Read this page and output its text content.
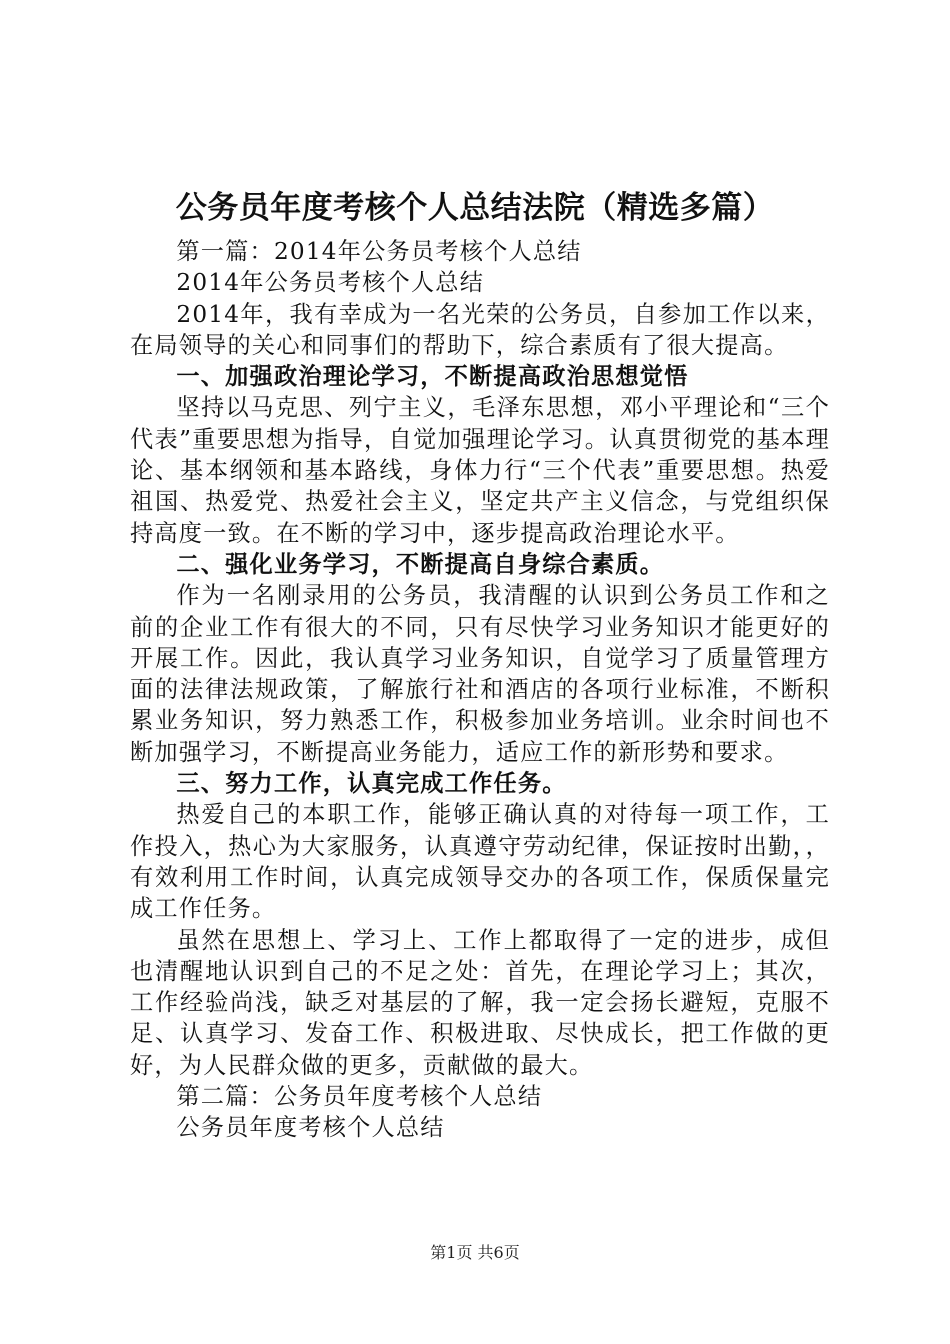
公务员年度考核个人总结法院（精选多篇）

第一篇：2014年公务员考核个人总结

2014年公务员考核个人总结

2014年，我有幸成为一名光荣的公务员，自参加工作以来，在局领导的关心和同事们的帮助下，综合素质有了很大提高。

一、加强政治理论学习，不断提高政治思想觉悟

坚持以马克思、列宁主义，毛泽东思想，邓小平理论和“三个代表”重要思想为指导，自觉加强理论学习。认真贯彻党的基本理论、基本纲领和基本路线，身体力行“三个代表”重要思想。热爱祖国、热爱党、热爱社会主义，坚定共产主义信念，与党组织保持高度一致。在不断的学习中，逐步提高政治理论水平。

二、强化业务学习，不断提高自身综合素质。

作为一名刚录用的公务员，我清醒的认识到公务员工作和之前的企业工作有很大的不同，只有尽快学习业务知识才能更好的开展工作。因此，我认真学习业务知识，自觉学习了质量管理方面的法律法规政策，了解旅行社和酒店的各项行业标准，不断积累业务知识，努力熟悉工作，积极参加业务培训。业余时间也不断加强学习，不断提高业务能力，适应工作的新形势和要求。

三、努力工作，认真完成工作任务。

热爱自己的本职工作，能够正确认真的对待每一项工作，工作投入，热心为大家服务，认真遵守劳动纪律，保证按时出勤，，有效利用工作时间，认真完成领导交办的各项工作，保质保量完成工作任务。

虽然在思想上、学习上、工作上都取得了一定的进步，成但也清醒地认识到自己的不足之处：首先，在理论学习上；其次，工作经验尚浅，缺乏对基层的了解，我一定会扬长避短，克服不足、认真学习、发奋工作、积极进取、尽快成长，把工作做的更好，为人民群众做的更多，贡献做的最大。

第二篇：公务员年度考核个人总结

公务员年度考核个人总结

第1页 共6页
